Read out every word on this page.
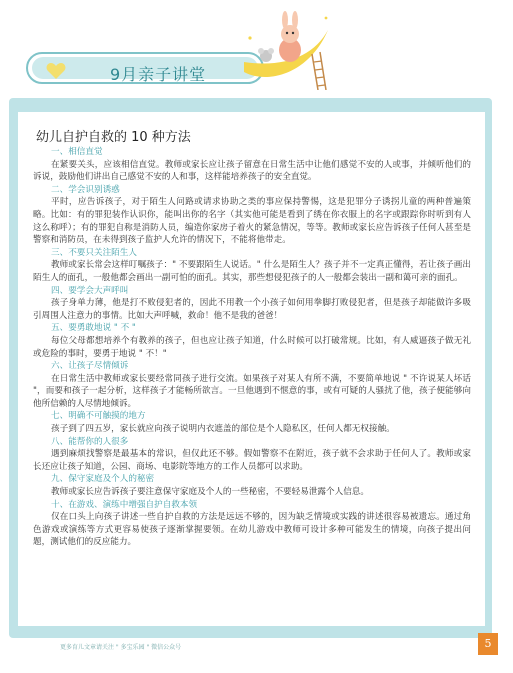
9月亲子讲堂
幼儿自护自救的 10 种方法
一、相信直觉
在紧要关头，应该相信直觉。教师或家长应让孩子留意在日常生活中让他们感觉不安的人或事，并倾听他们的诉说，鼓励他们讲出自己感觉不安的人和事，这样能培养孩子的安全直觉。
二、学会识别诱惑
平时，应告诉孩子，对于陌生人问路或请求协助之类的事应保持警惕，这是犯罪分子诱拐儿童的两种普遍策略。比如：有的罪犯装作认识你，能叫出你的名字（其实他可能是看到了绣在你衣服上的名字或跟踪你时听到有人这么称呼）；有的罪犯自称是消防人员，编造你家房子着火的紧急情况，等等。教师或家长应告诉孩子任何人甚至是警察和消防员，在未得到孩子监护人允许的情况下，不能将他带走。
三、不要只关注陌生人
教师或家长常会这样叮嘱孩子：" 不要跟陌生人说话。" 什么是陌生人？孩子并不一定真正懂得，若让孩子画出陌生人的面孔，一般他都会画出一副可怕的面孔。其实，那些想侵犯孩子的人一般都会装出一副和蔼可亲的面孔。
四、要学会大声呼叫
孩子身单力薄，他是打不败侵犯者的，因此不用教一个小孩子如何用拳脚打败侵犯者，但是孩子却能做许多吸引周围人注意力的事情。比如大声呼喊，救命！他不是我的爸爸！
五、要勇敢地说 " 不 "
每位父母都想培养个有教养的孩子，但也应让孩子知道，什么时候可以打破常规。比如，有人威逼孩子做无礼或危险的事时，要勇于地说 " 不！"
六、让孩子尽情倾诉
在日常生活中教师或家长要经常同孩子进行交流。如果孩子对某人有所不满，不要简单地说 " 不许说某人坏话 "，而要和孩子一起分析，这样孩子才能畅所欲言。一旦他遇到不惬意的事，或有可疑的人骚扰了他，孩子便能够向他所信赖的人尽情地倾诉。
七、明确不可触摸的地方
孩子到了四五岁，家长就应向孩子说明内衣遮盖的部位是个人隐私区，任何人都无权接触。
八、能帮你的人很多
遇到麻烦找警察是最基本的常识，但仅此还不够。假如警察不在附近，孩子就不会求助于任何人了。教师或家长还应让孩子知道，公园、商场、电影院等地方的工作人员都可以求助。
九、保守家庭及个人的秘密
教师或家长应告诉孩子要注意保守家庭及个人的一些秘密，不要轻易泄露个人信息。
十、在游戏、演练中增强自护自救本领
仅在口头上向孩子讲述一些自护自救的方法是远远不够的，因为缺乏情境或实践的讲述很容易被遗忘。通过角色游戏或演练等方式更容易使孩子逐渐掌握要领。在幼儿游戏中教师可设计多种可能发生的情境，向孩子提出问题，测试他们的反应能力。
更多育儿文章请关注 " 多宝乐园 " 微信公众号	5
